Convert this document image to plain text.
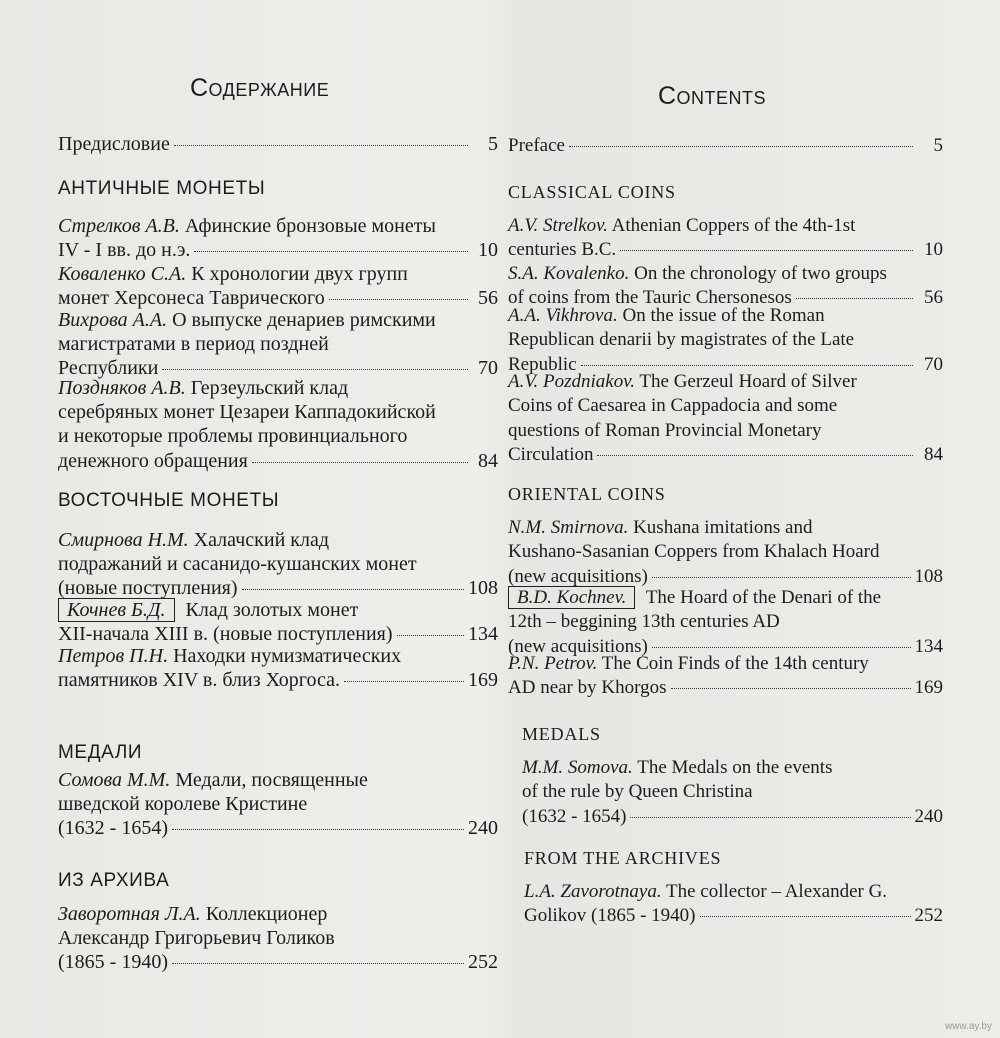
Содержание
Предисловие	5
АНТИЧНЫЕ МОНЕТЫ
Стрелков А.В. Афинские бронзовые монеты
IV - I вв. до н.э.	10
Коваленко С.А. К хронологии двух групп
монет Херсонеса Таврического	56
Вихрова А.А. О выпуске денариев римскими
магистратами в период поздней
Республики	70
Поздняков А.В. Герзеульский клад
серебряных монет Цезареи Каппадокийской
и некоторые проблемы провинциального
денежного обращения	84
ВОСТОЧНЫЕ МОНЕТЫ
Смирнова Н.М. Халачский клад
подражаний и сасанидо-кушанских монет
(новые поступления)	108
Кочнев Б.Д. Клад золотых монет
XII-начала XIII в. (новые поступления)	134
Петров П.Н. Находки нумизматических
памятников XIV в. близ Хоргоса.	169
МЕДАЛИ
Сомова М.М. Медали, посвященные
шведской королеве Кристине
(1632 - 1654)	240
ИЗ АРХИВА
Заворотная Л.А. Коллекционер
Александр Григорьевич Голиков
(1865 - 1940)	252
Contents
Preface	5
CLASSICAL COINS
A.V. Strelkov. Athenian Coppers of the 4th-1st
centuries B.C.	10
S.A. Kovalenko. On the chronology of two groups
of coins from the Tauric Chersonesos	56
A.A. Vikhrova. On the issue of the Roman
Republican denarii by magistrates of the Late
Republic	70
A.V. Pozdniakov. The Gerzeul Hoard of Silver
Coins of Caesarea in Cappadocia and some
questions of Roman Provincial Monetary
Circulation	84
ORIENTAL COINS
N.M. Smirnova. Kushana imitations and
Kushano-Sasanian Coppers from Khalach Hoard
(new acquisitions)	108
B.D. Kochnev. The Hoard of the Denari of the
12th – beggining 13th centuries AD
(new acquisitions)	134
P.N. Petrov. The Coin Finds of the 14th century
AD near by Khorgos	169
MEDALS
M.M. Somova. The Medals on the events
of the rule by Queen Christina
(1632 - 1654)	240
FROM THE ARCHIVES
L.A. Zavorotnaya. The collector – Alexander G.
Golikov (1865 - 1940)	252
www.ay.by
